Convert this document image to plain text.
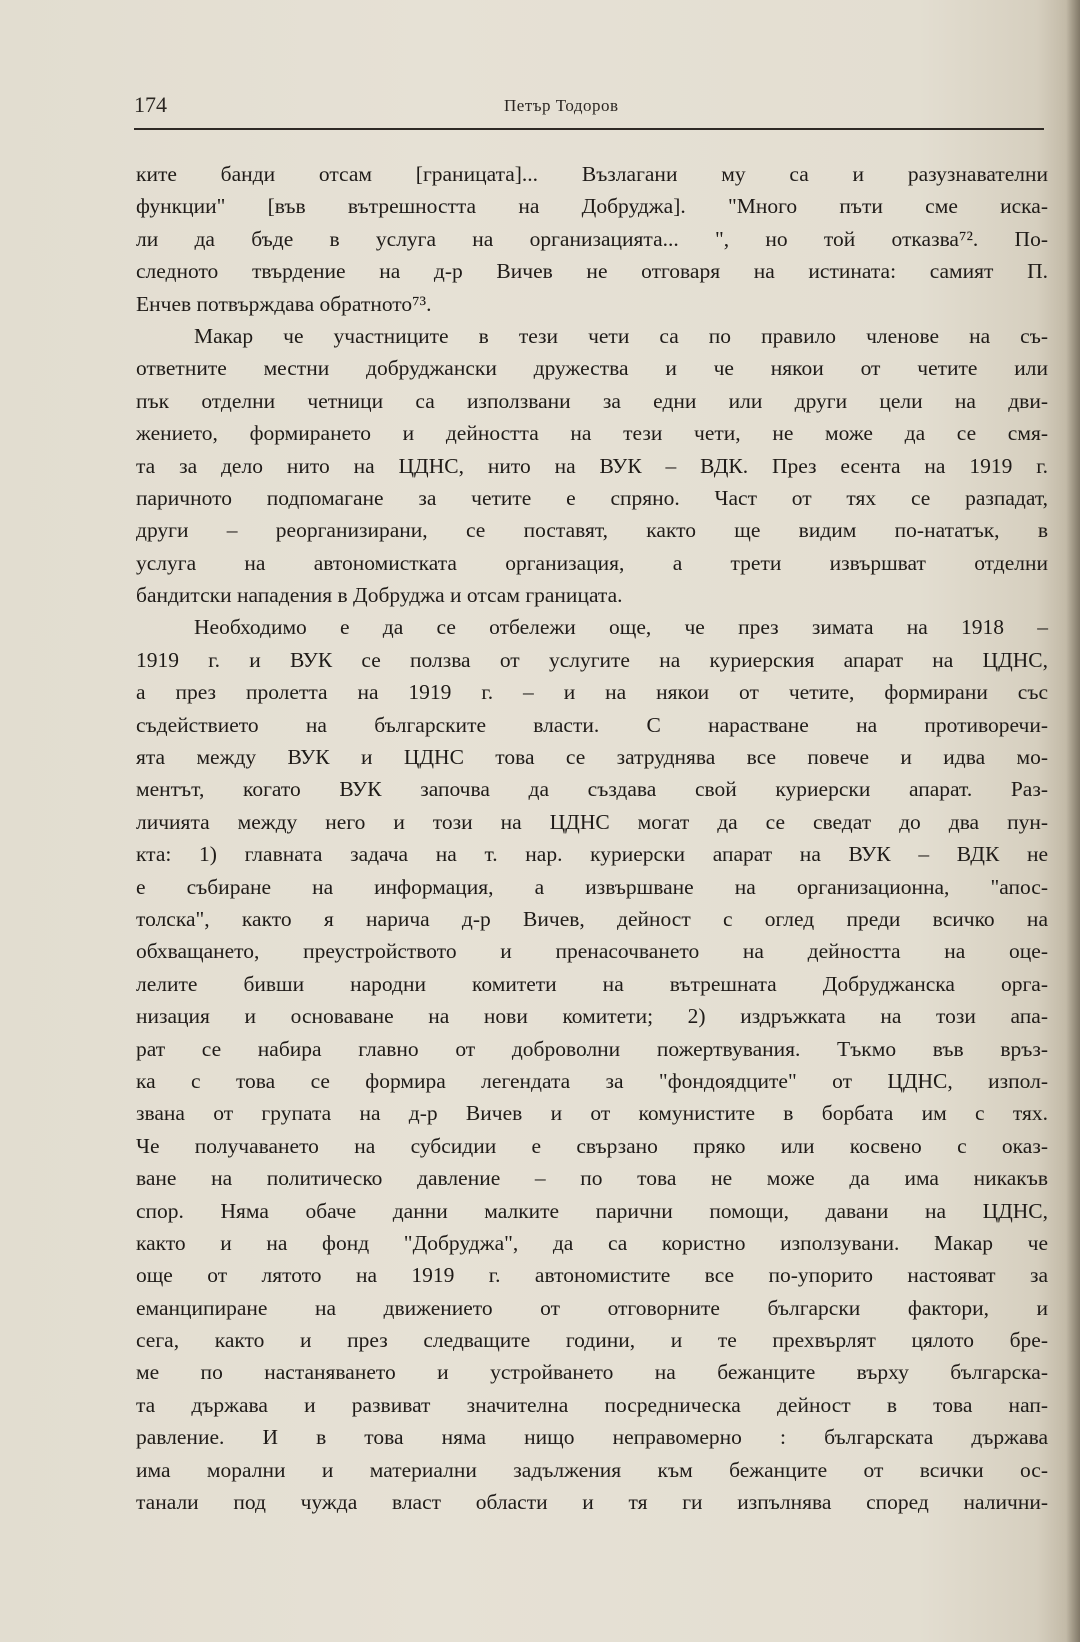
174	Петър Тодоров
ките банди отсам [границата]... Възлагани му са и разузнавателни
функции" [във вътрешността на Добруджа]. "Много пъти сме иска-
ли да бъде в услуга на организацията... ", но той отказва⁷². По-
следното твърдение на д-р Вичев не отговаря на истината: самият П.
Енчев потвърждава обратното⁷³.
Макар че участниците в тези чети са по правило членове на съ-
ответните местни добруджански дружества и че някои от четите или
пък отделни четници са използвани за едни или други цели на дви-
жението, формирането и дейността на тези чети, не може да се смя-
та за дело нито на ЦДНС, нито на ВУК – ВДК. През есента на 1919 г.
паричното подпомагане за четите е спряно. Част от тях се разпадат,
други – реорганизирани, се поставят, както ще видим по-нататък, в
услуга на автономистката организация, а трети извършват отделни
бандитски нападения в Добруджа и отсам границата.
Необходимо е да се отбележи още, че през зимата на 1918 –
1919 г. и ВУК се ползва от услугите на куриерския апарат на ЦДНС,
а през пролетта на 1919 г. – и на някои от четите, формирани със
съдействието на българските власти. С нарастване на противоречи-
ята между ВУК и ЦДНС това се затруднява все повече и идва мо-
ментът, когато ВУК започва да създава свой куриерски апарат. Раз-
личията между него и този на ЦДНС могат да се сведат до два пун-
кта: 1) главната задача на т. нар. куриерски апарат на ВУК – ВДК не
е събиране на информация, а извършване на организационна, "апос-
толска", както я нарича д-р Вичев, дейност с оглед преди всичко на
обхващането, преустройството и пренасочването на дейността на оце-
лелите бивши народни комитети на вътрешната Добруджанска орга-
низация и основаване на нови комитети; 2) издръжката на този апа-
рат се набира главно от доброволни пожертвувания. Тъкмо във връз-
ка с това се формира легендата за "фондоядците" от ЦДНС, изпол-
звана от групата на д-р Вичев и от комунистите в борбата им с тях.
Че получаването на субсидии е свързано пряко или косвено с оказ-
ване на политическо давление – по това не може да има никакъв
спор. Няма обаче данни малките парични помощи, давани на ЦДНС,
както и на фонд "Добруджа", да са користно използувани. Макар че
още от лятото на 1919 г. автономистите все по-упорито настояват за
еманципиране на движението от отговорните български фактори, и
сега, както и през следващите години, и те прехвърлят цялото бре-
ме по настаняването и устройването на бежанците върху българска-
та държава и развиват значителна посредническа дейност в това нап-
равление. И в това няма нищо неправомерно : българската държава
има морални и материални задължения към бежанците от всички ос-
танали под чужда власт области и тя ги изпълнява според налични-
